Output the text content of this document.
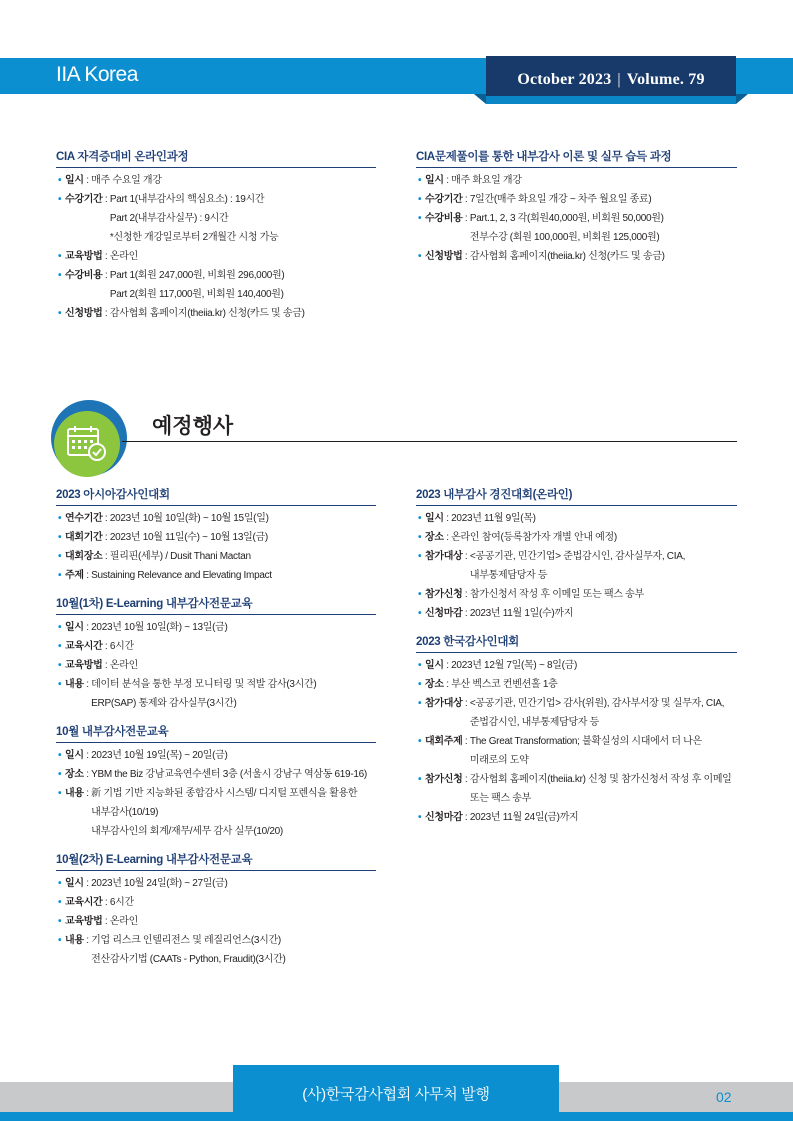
IIA Korea	October 2023 | Volume. 79
CIA 자격증대비 온라인과정
• 일시 : 매주 수요일 개강
• 수강기간 : Part 1(내부감사의 핵심요소) : 19시간
Part 2(내부감사실무) : 9시간
*신청한 개강일로부터 2개월간 시청 가능
• 교육방법 : 온라인
• 수강비용 : Part 1(회원 247,000원, 비회원 296,000원)
Part 2(회원 117,000원, 비회원 140,400원)
• 신청방법 : 감사협회 홈페이지(theiia.kr) 신청(카드 및 송금)
CIA문제풀이를 통한 내부감사 이론 및 실무 습득 과정
• 일시 : 매주 화요일 개강
• 수강기간 : 7일간(매주 화요일 개강 ~ 차주 월요일 종료)
• 수강비용 : Part.1, 2, 3 각(회원40,000원, 비회원 50,000원)
전부수강 (회원 100,000원, 비회원 125,000원)
• 신청방법 : 감사협회 홈페이지(theiia.kr) 신청(카드 및 송금)
예정행사
2023 아시아감사인대회
• 연수기간 : 2023년 10월 10일(화) ~ 10월 15일(일)
• 대회기간 : 2023년 10월 11일(수) ~ 10월 13일(금)
• 대회장소 : 필리핀(세부) / Dusit Thani Mactan
• 주제 : Sustaining Relevance and Elevating Impact
10월(1차) E-Learning 내부감사전문교육
• 일시 : 2023년 10월 10일(화) ~ 13일(금)
• 교육시간 : 6시간
• 교육방법 : 온라인
• 내용 : 데이터 분석을 통한 부정 모니터링 및 적발 감사(3시간)
ERP(SAP) 통제와 감사실무(3시간)
10월 내부감사전문교육
• 일시 : 2023년 10월 19일(목) ~ 20일(금)
• 장소 : YBM the Biz 강남교육연수센터 3층 (서울시 강남구 역삼동 619-16)
• 내용 : 新 기법 기반 지능화된 종합감사 시스템/ 디지털 포렌식을 활용한
내부감사(10/19)
내부감사인의 회계/재무/세무 감사 실무(10/20)
10월(2차) E-Learning 내부감사전문교육
• 일시 : 2023년 10월 24일(화) ~ 27일(금)
• 교육시간 : 6시간
• 교육방법 : 온라인
• 내용 : 기업 리스크 인텔리전스 및 레질리언스(3시간)
전산감사기법 (CAATs - Python, Fraudit)(3시간)
2023 내부감사 경진대회(온라인)
• 일시 : 2023년 11월 9일(목)
• 장소 : 온라인 참여(등록참가자 개별 안내 예정)
• 참가대상 : <공공기관, 민간기업> 준법감시인, 감사실무자, CIA,
내부통제담당자 등
• 참가신청 : 참가신청서 작성 후 이메일 또는 팩스 송부
• 신청마감 : 2023년 11월 1일(수)까지
2023 한국감사인대회
• 일시 : 2023년 12월 7일(목) ~ 8일(금)
• 장소 : 부산 벡스코 컨벤션홀 1층
• 참가대상 : <공공기관, 민간기업> 감사(위원), 감사부서장 및 실무자, CIA,
준법감시인, 내부통제담당자 등
• 대회주제 : The Great Transformation; 불확실성의 시대에서 더 나은
미래로의 도약
• 참가신청 : 감사협회 홈페이지(theiia.kr) 신청 및 참가신청서 작성 후 이메일
또는 팩스 송부
• 신청마감 : 2023년 11월 24일(금)까지
(사)한국감사협회 사무처 발행	02
